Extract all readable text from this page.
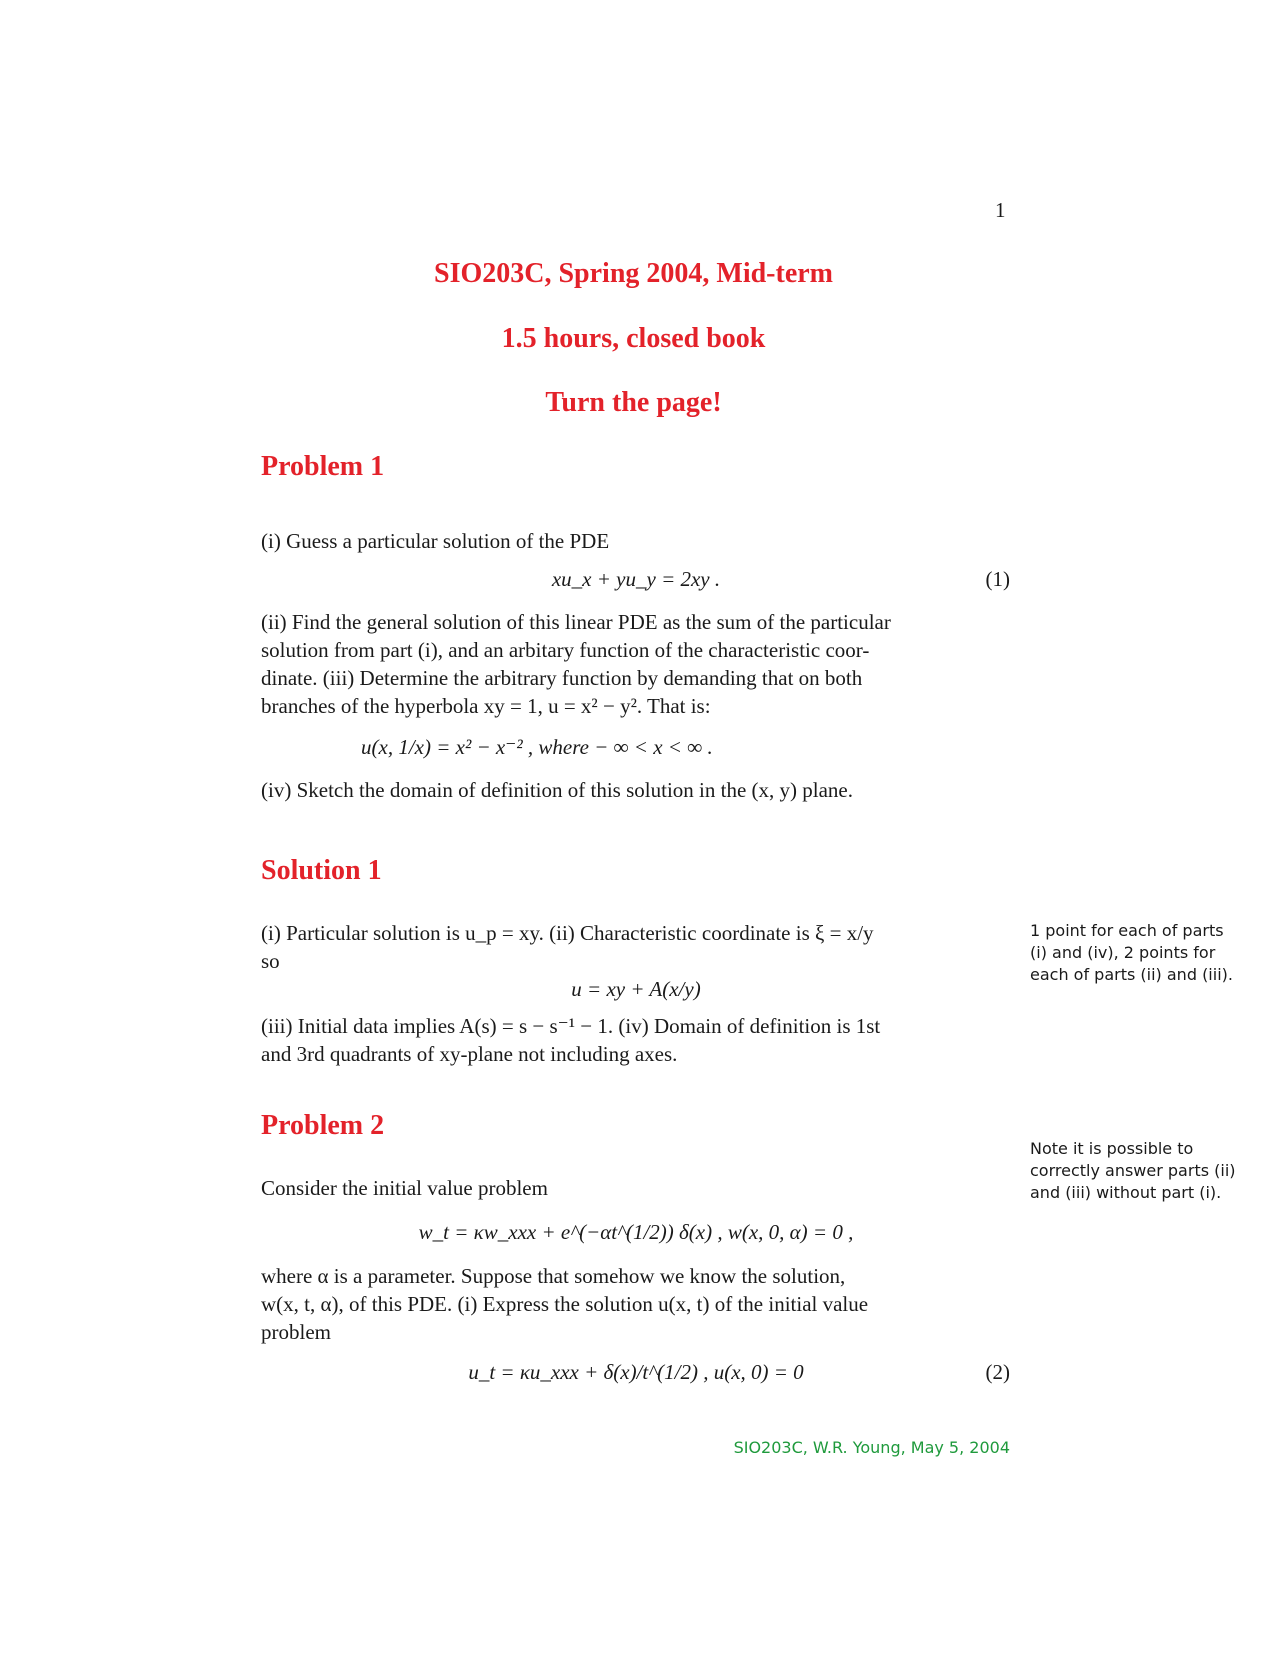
1
SIO203C, Spring 2004, Mid-term
1.5 hours, closed book
Turn the page!
Problem 1
(i) Guess a particular solution of the PDE
xu_x + yu_y = 2xy .	(1)
(ii) Find the general solution of this linear PDE as the sum of the particular
solution from part (i), and an arbitary function of the characteristic coor-
dinate. (iii) Determine the arbitrary function by demanding that on both
branches of the hyperbola xy = 1, u = x² − y². That is:
u(x, 1/x) = x² − x⁻² , where − ∞ < x < ∞ .
(iv) Sketch the domain of definition of this solution in the (x, y) plane.
Solution 1
(i) Particular solution is u_p = xy. (ii) Characteristic coordinate is ξ = x/y
so
u = xy + A(x/y)
(iii) Initial data implies A(s) = s − s⁻¹ − 1. (iv) Domain of definition is 1st
and 3rd quadrants of xy-plane not including axes.
1 point for each of parts
(i) and (iv), 2 points for
each of parts (ii) and (iii).
Problem 2
Note it is possible to
correctly answer parts (ii)
and (iii) without part (i).
Consider the initial value problem
w_t = κw_xxx + e^(−αt^(1/2)) δ(x) , w(x, 0, α) = 0 ,
where α is a parameter. Suppose that somehow we know the solution,
w(x, t, α), of this PDE. (i) Express the solution u(x, t) of the initial value
problem
u_t = κu_xxx + δ(x)/t^(1/2) , u(x, 0) = 0	(2)
SIO203C, W.R. Young, May 5, 2004
